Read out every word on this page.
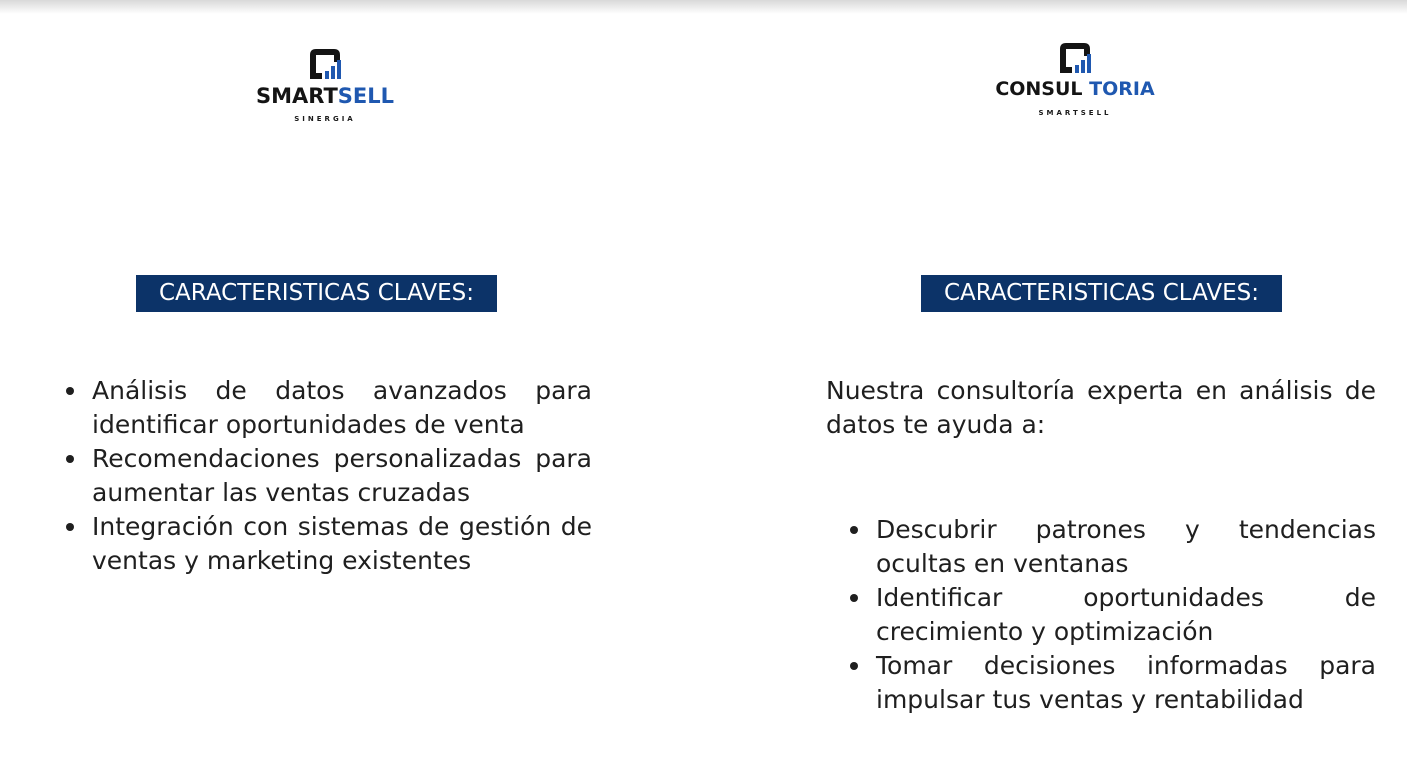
SMARTSELL
SINERGIA
CONSUL TORIA
SMARTSELL
CARACTERISTICAS CLAVES:	CARACTERISTICAS CLAVES:
Análisis de datos avanzados para identificar oportunidades de venta
Recomendaciones personalizadas para aumentar las ventas cruzadas
Integración con sistemas de gestión de ventas y marketing existentes
Nuestra consultoría experta en análisis de datos te ayuda a:
Descubrir patrones y tendencias ocultas en ventanas
Identificar oportunidades de crecimiento y optimización
Tomar decisiones informadas para impulsar tus ventas y rentabilidad
